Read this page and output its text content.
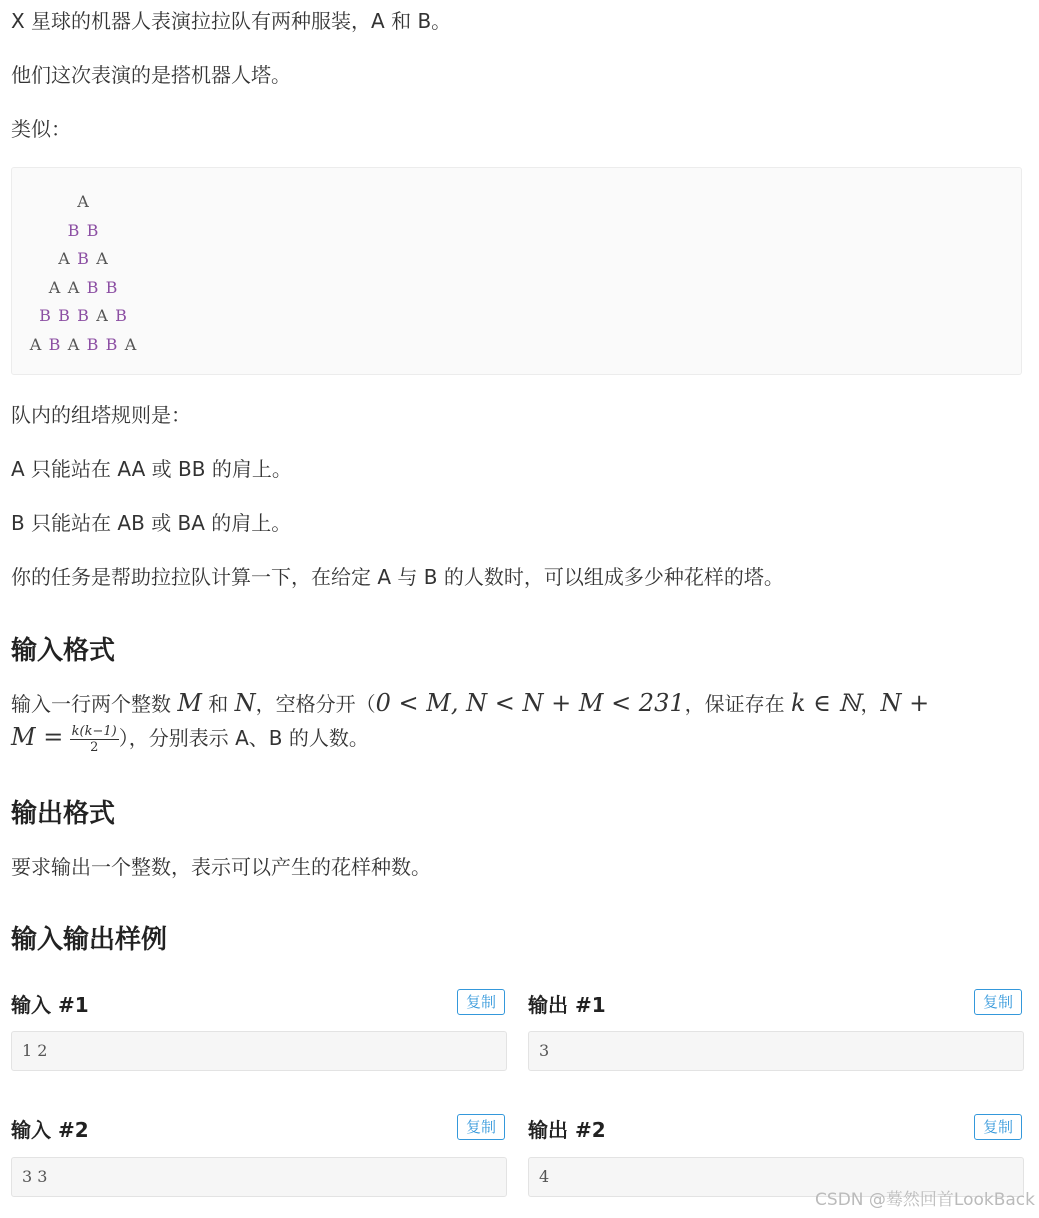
X 星球的机器人表演拉拉队有两种服装，A 和 B。

他们这次表演的是搭机器人塔。

类似：

A
B B
A B A
A A B B
B B B A B
A B A B B A

队内的组塔规则是：

A 只能站在 AA 或 BB 的肩上。

B 只能站在 AB 或 BA 的肩上。

你的任务是帮助拉拉队计算一下，在给定 A 与 B 的人数时，可以组成多少种花样的塔。

输入格式

输入一行两个整数 M 和 N，空格分开（0 < M, N < N + M < 231，保证存在 k ∈ ℕ，N +

$M = \frac{k(k-1)}{2}$ ），分别表示 A、B 的人数。

输出格式

要求输出一个整数，表示可以产生的花样种数。

输入输出样例
输入 #1	复制
1 2
输出 #1	复制
3
输入 #2	复制
3 3
输出 #2	复制
4
CSDN @蓦然回首LookBack
